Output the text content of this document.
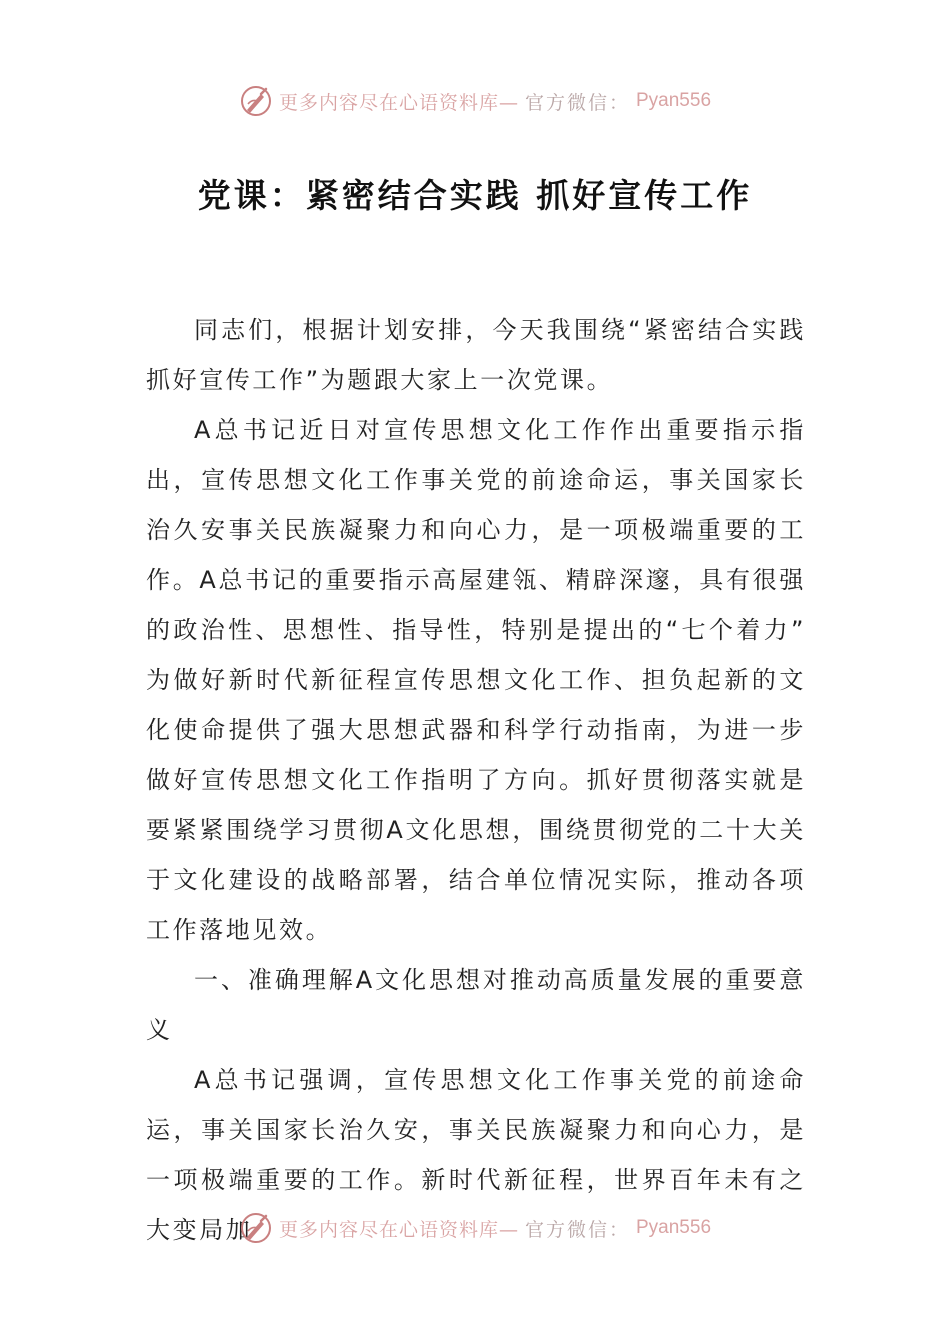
更多内容尽在心语资料库— 官方微信： Pyan556
党课：紧密结合实践 抓好宣传工作

同志们，根据计划安排，今天我围绕“紧密结合实践抓好宣传工作”为题跟大家上一次党课。

A总书记近日对宣传思想文化工作作出重要指示指出，宣传思想文化工作事关党的前途命运，事关国家长治久安事关民族凝聚力和向心力，是一项极端重要的工作。A总书记的重要指示高屋建瓴、精辟深邃，具有很强的政治性、思想性、指导性，特别是提出的“七个着力” 为做好新时代新征程宣传思想文化工作、担负起新的文化使命提供了强大思想武器和科学行动指南，为进一步做好宣传思想文化工作指明了方向。抓好贯彻落实就是要紧紧围绕学习贯彻A文化思想，围绕贯彻党的二十大关于文化建设的战略部署，结合单位情况实际，推动各项工作落地见效。

一、准确理解A文化思想对推动高质量发展的重要意义

A总书记强调，宣传思想文化工作事关党的前途命运，事关国家长治久安，事关民族凝聚力和向心力，是一项极端重要的工作。新时代新征程，世界百年未有之大变局加	更多内容尽在心语资料库— 官方微信： Pyan556
